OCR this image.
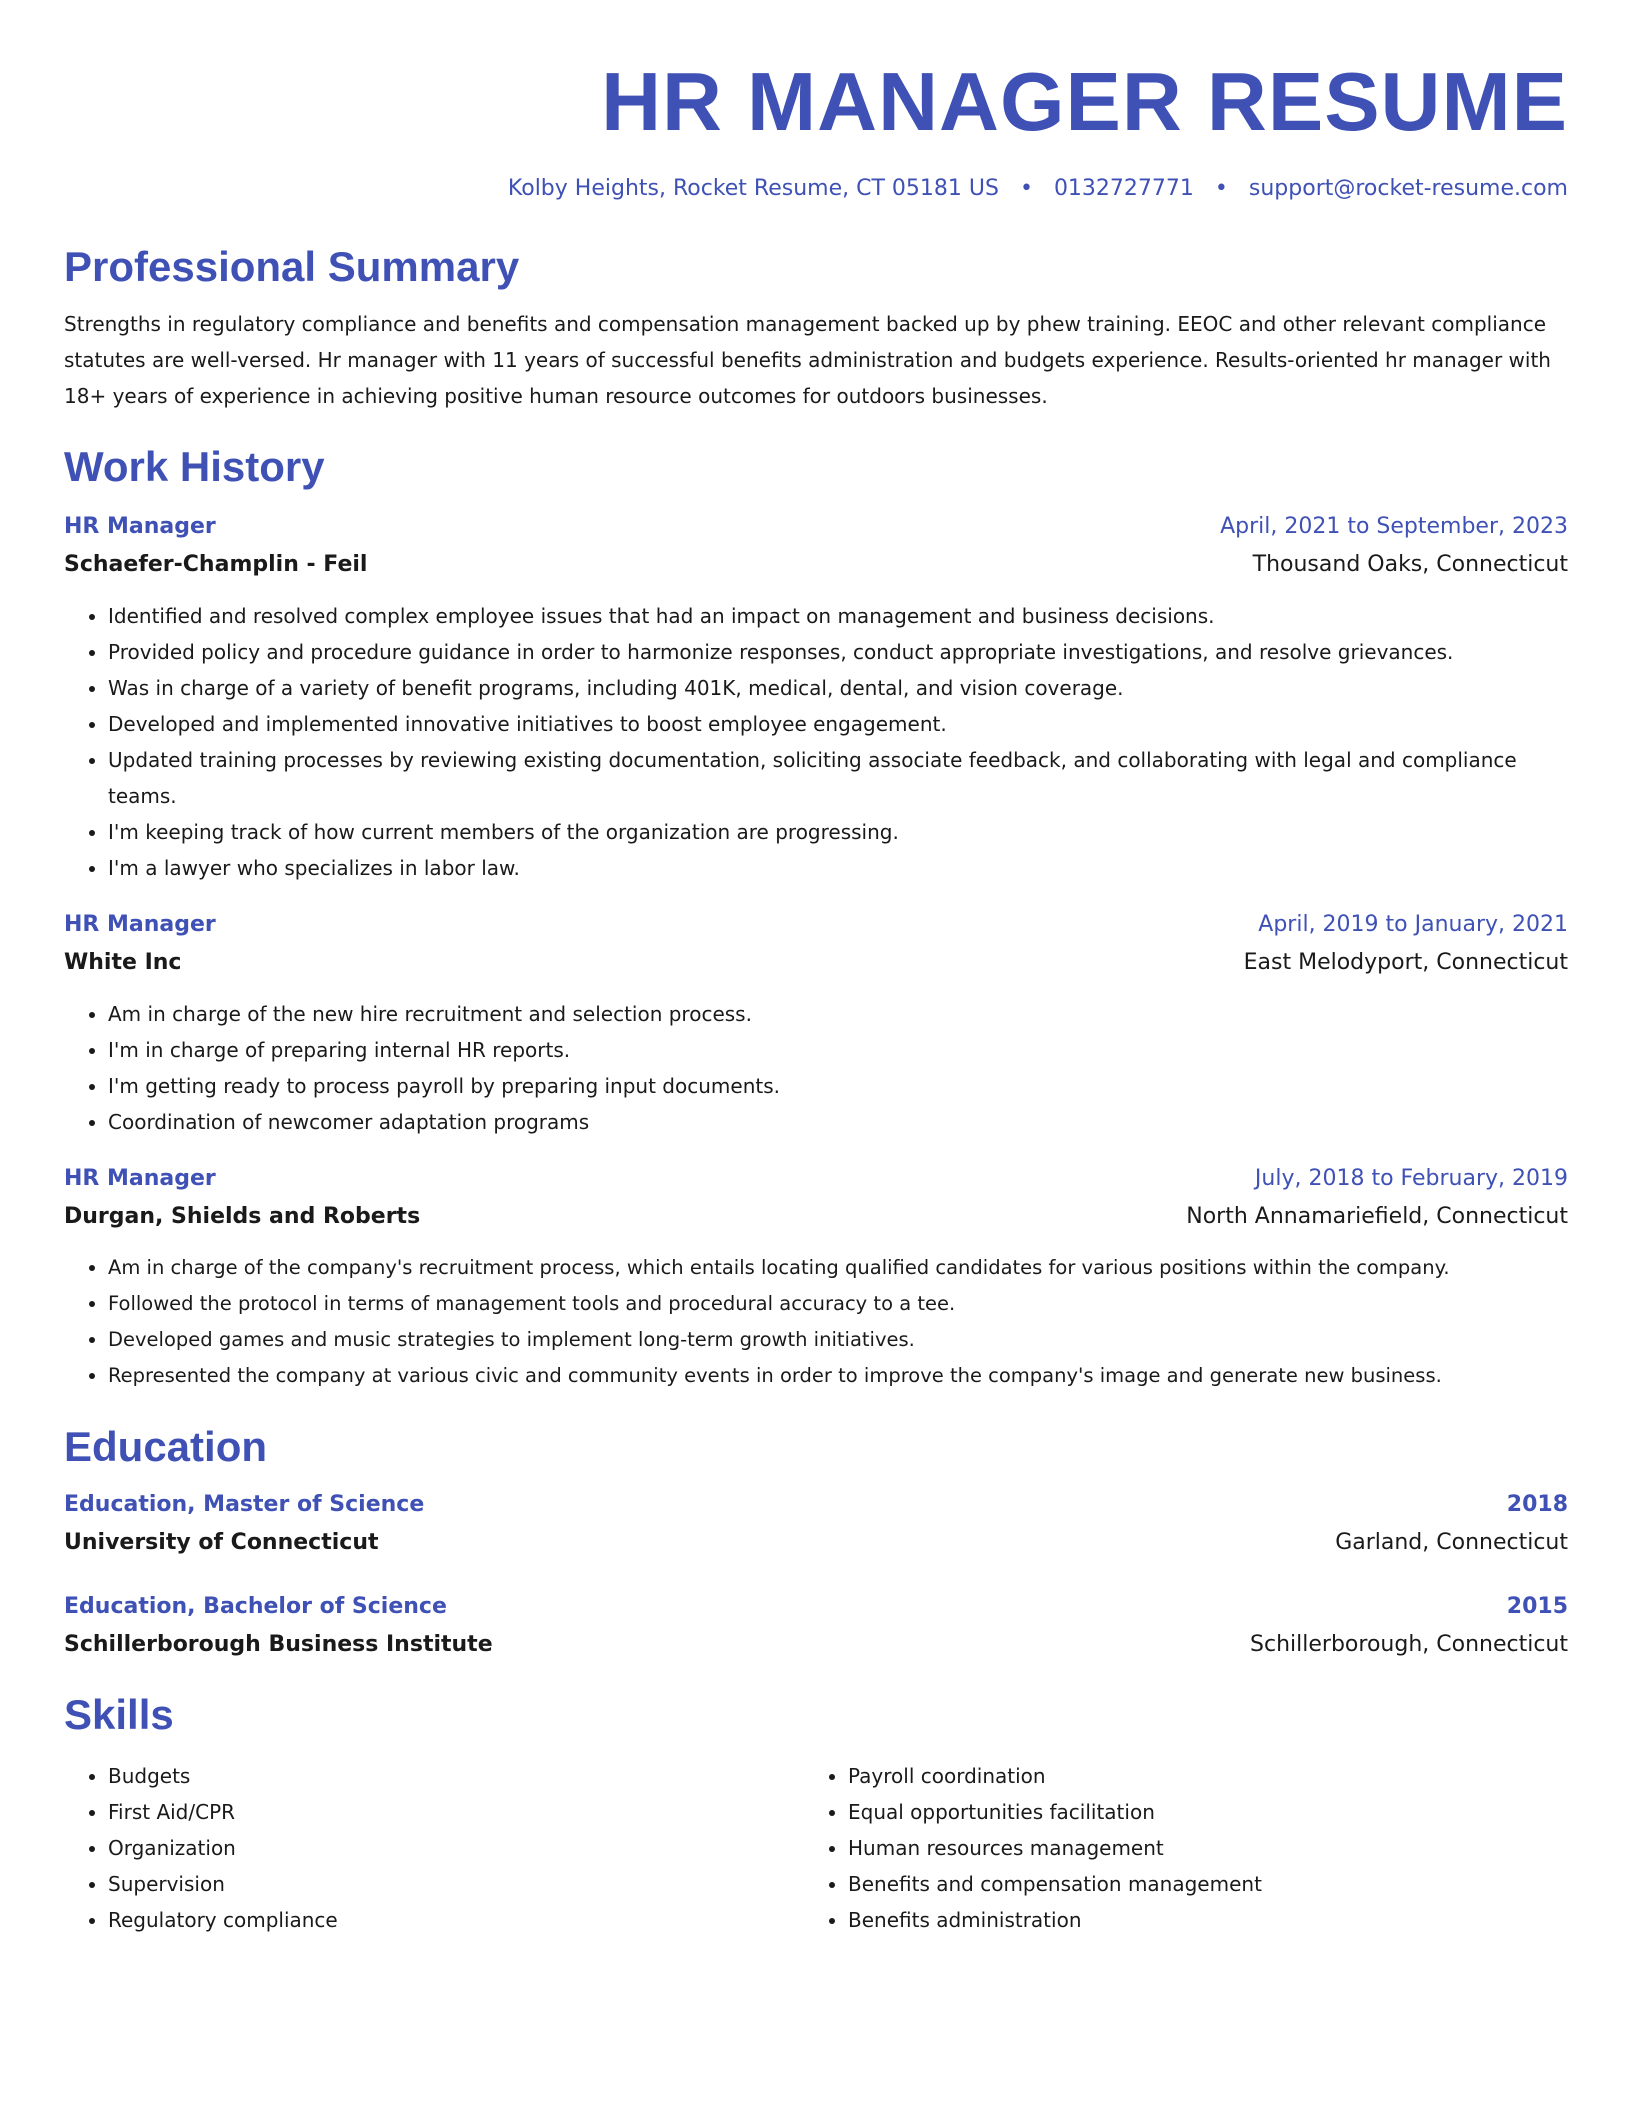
HR MANAGER RESUME
Kolby Heights, Rocket Resume, CT 05181 US • 0132727771 • support@rocket-resume.com
Professional Summary
Strengths in regulatory compliance and benefits and compensation management backed up by phew training. EEOC and other relevant compliance statutes are well-versed. Hr manager with 11 years of successful benefits administration and budgets experience. Results-oriented hr manager with 18+ years of experience in achieving positive human resource outcomes for outdoors businesses.
Work History
HR Manager	April, 2021 to September, 2023
Schaefer-Champlin - Feil	Thousand Oaks, Connecticut
• Identified and resolved complex employee issues that had an impact on management and business decisions.
• Provided policy and procedure guidance in order to harmonize responses, conduct appropriate investigations, and resolve grievances.
• Was in charge of a variety of benefit programs, including 401K, medical, dental, and vision coverage.
• Developed and implemented innovative initiatives to boost employee engagement.
• Updated training processes by reviewing existing documentation, soliciting associate feedback, and collaborating with legal and compliance teams.
• I'm keeping track of how current members of the organization are progressing.
• I'm a lawyer who specializes in labor law.
HR Manager	April, 2019 to January, 2021
White Inc	East Melodyport, Connecticut
• Am in charge of the new hire recruitment and selection process.
• I'm in charge of preparing internal HR reports.
• I'm getting ready to process payroll by preparing input documents.
• Coordination of newcomer adaptation programs
HR Manager	July, 2018 to February, 2019
Durgan, Shields and Roberts	North Annamariefield, Connecticut
• Am in charge of the company's recruitment process, which entails locating qualified candidates for various positions within the company.
• Followed the protocol in terms of management tools and procedural accuracy to a tee.
• Developed games and music strategies to implement long-term growth initiatives.
• Represented the company at various civic and community events in order to improve the company's image and generate new business.
Education
Education, Master of Science	2018
University of Connecticut	Garland, Connecticut
Education, Bachelor of Science	2015
Schillerborough Business Institute	Schillerborough, Connecticut
Skills
• Budgets
• First Aid/CPR
• Organization
• Supervision
• Regulatory compliance
• Payroll coordination
• Equal opportunities facilitation
• Human resources management
• Benefits and compensation management
• Benefits administration
